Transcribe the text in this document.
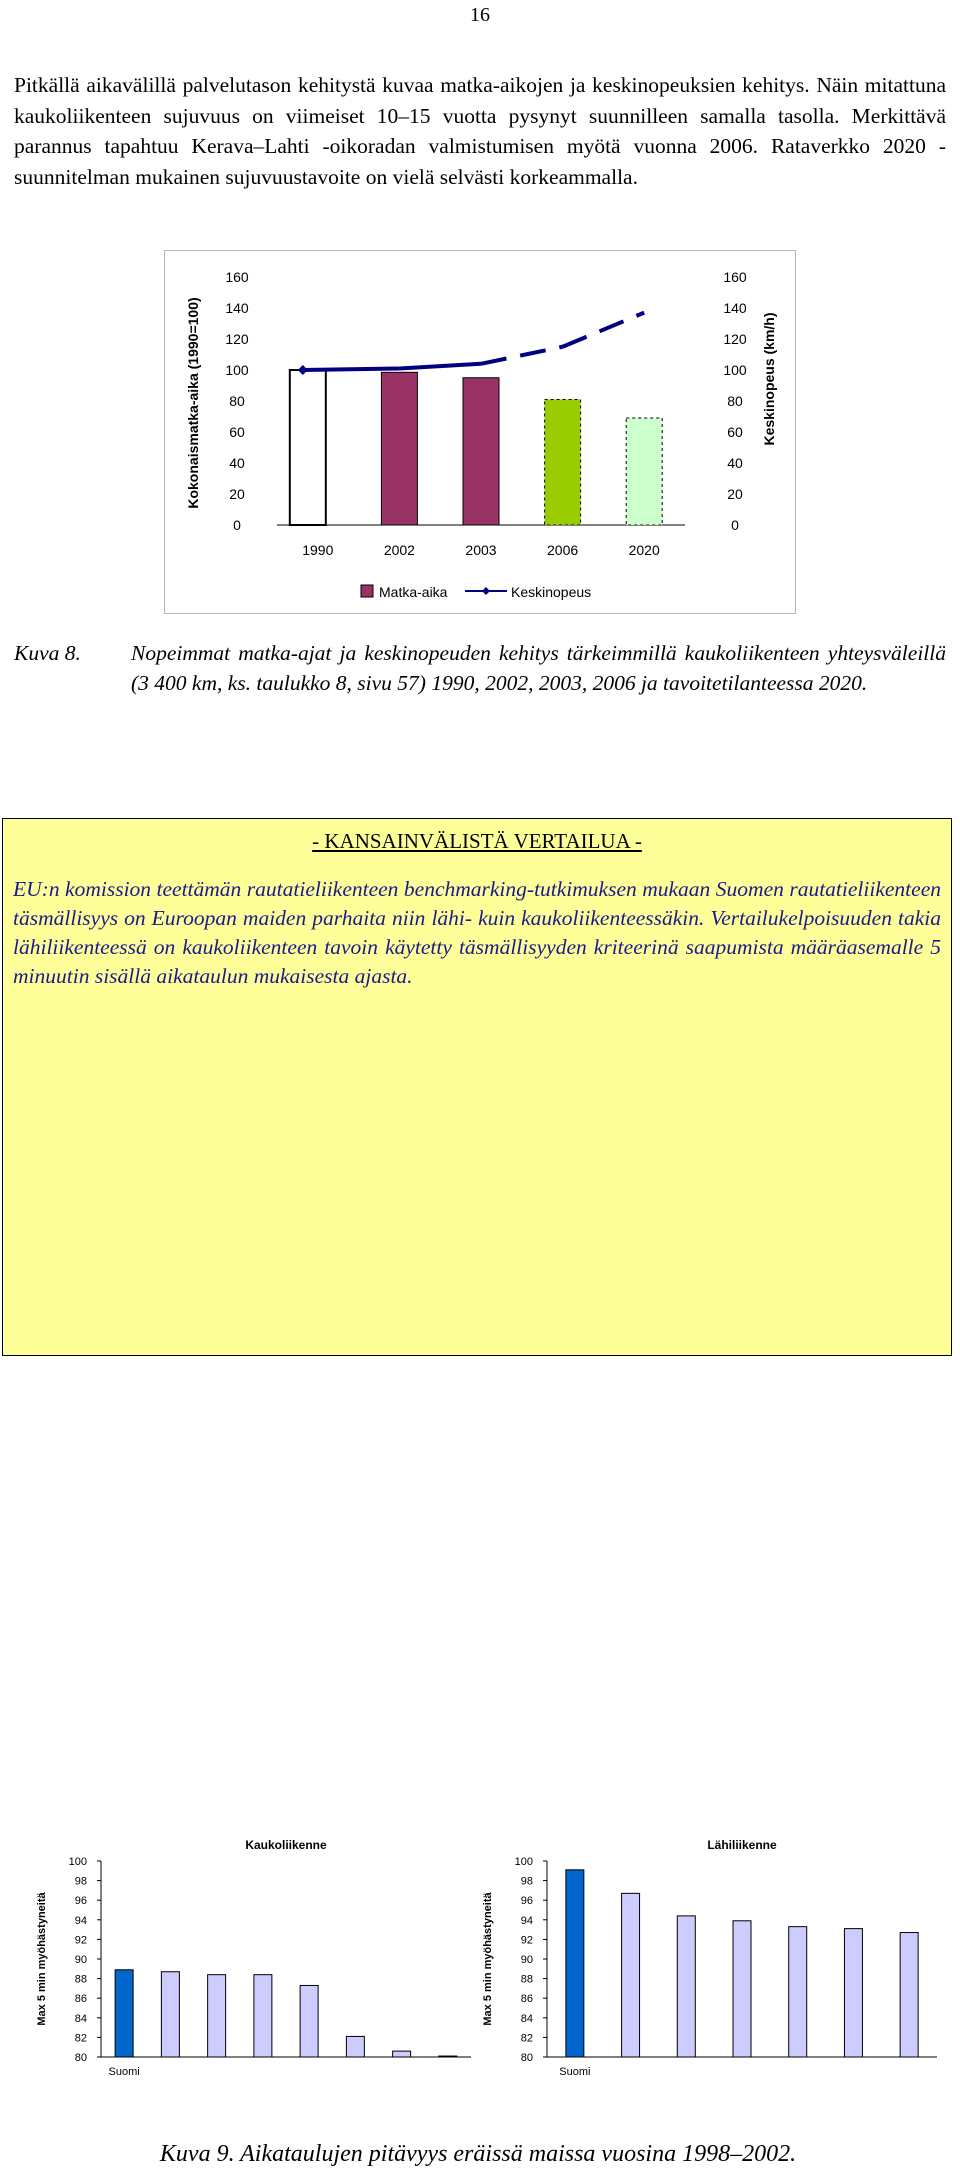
16
Pitkällä aikavälillä palvelutason kehitystä kuvaa matka-aikojen ja keskinopeuksien kehitys. Näin mitattuna kaukoliikenteen sujuvuus on viimeiset 10–15 vuotta pysynyt suunnilleen samalla tasolla. Merkittävä parannus tapahtuu Kerava–Lahti -oikoradan valmistumisen myötä vuonna 2006. Rataverkko 2020 -suunnitelman mukainen sujuvuustavoite on vielä selvästi korkeammalla.
0	0
20	20
40	40
60	60
80	80
100	100
120	120
140	140
160	160
Kokonaismatka-aika (1990=100)	Keskinopeus (km/h)
1990	2002	2003	2006	2020
Matka-aika	Keskinopeus
Kuva 8. Nopeimmat matka-ajat ja keskinopeuden kehitys tärkeimmillä kaukoliikenteen yhteysväleillä (3 400 km, ks. taulukko 8, sivu 57) 1990, 2002, 2003, 2006 ja tavoitetilanteessa 2020.
- KANSAINVÄLISTÄ VERTAILUA -
EU:n komission teettämän rautatieliikenteen benchmarking-tutkimuksen mukaan Suomen rautatieliikenteen täsmällisyys on Euroopan maiden parhaita niin lähi- kuin kaukoliikenteessäkin. Vertailukelpoisuuden takia lähiliikenteessä on kaukoliikenteen tavoin käytetty täsmällisyyden kriteerinä saapumista määräasemalle 5 minuutin sisällä aikataulun mukaisesta ajasta.
80
82
84
86
88
90
92
94
96
98
100
Max 5 min myöhästyneitä
Kaukoliikenne
Suomi
80
82
84
86
88
90
92
94
96
98
100
Max 5 min myöhästyneitä
Lähiliikenne
Suomi
Kuva 9. Aikataulujen pitävyys eräissä maissa vuosina 1998–2002.
